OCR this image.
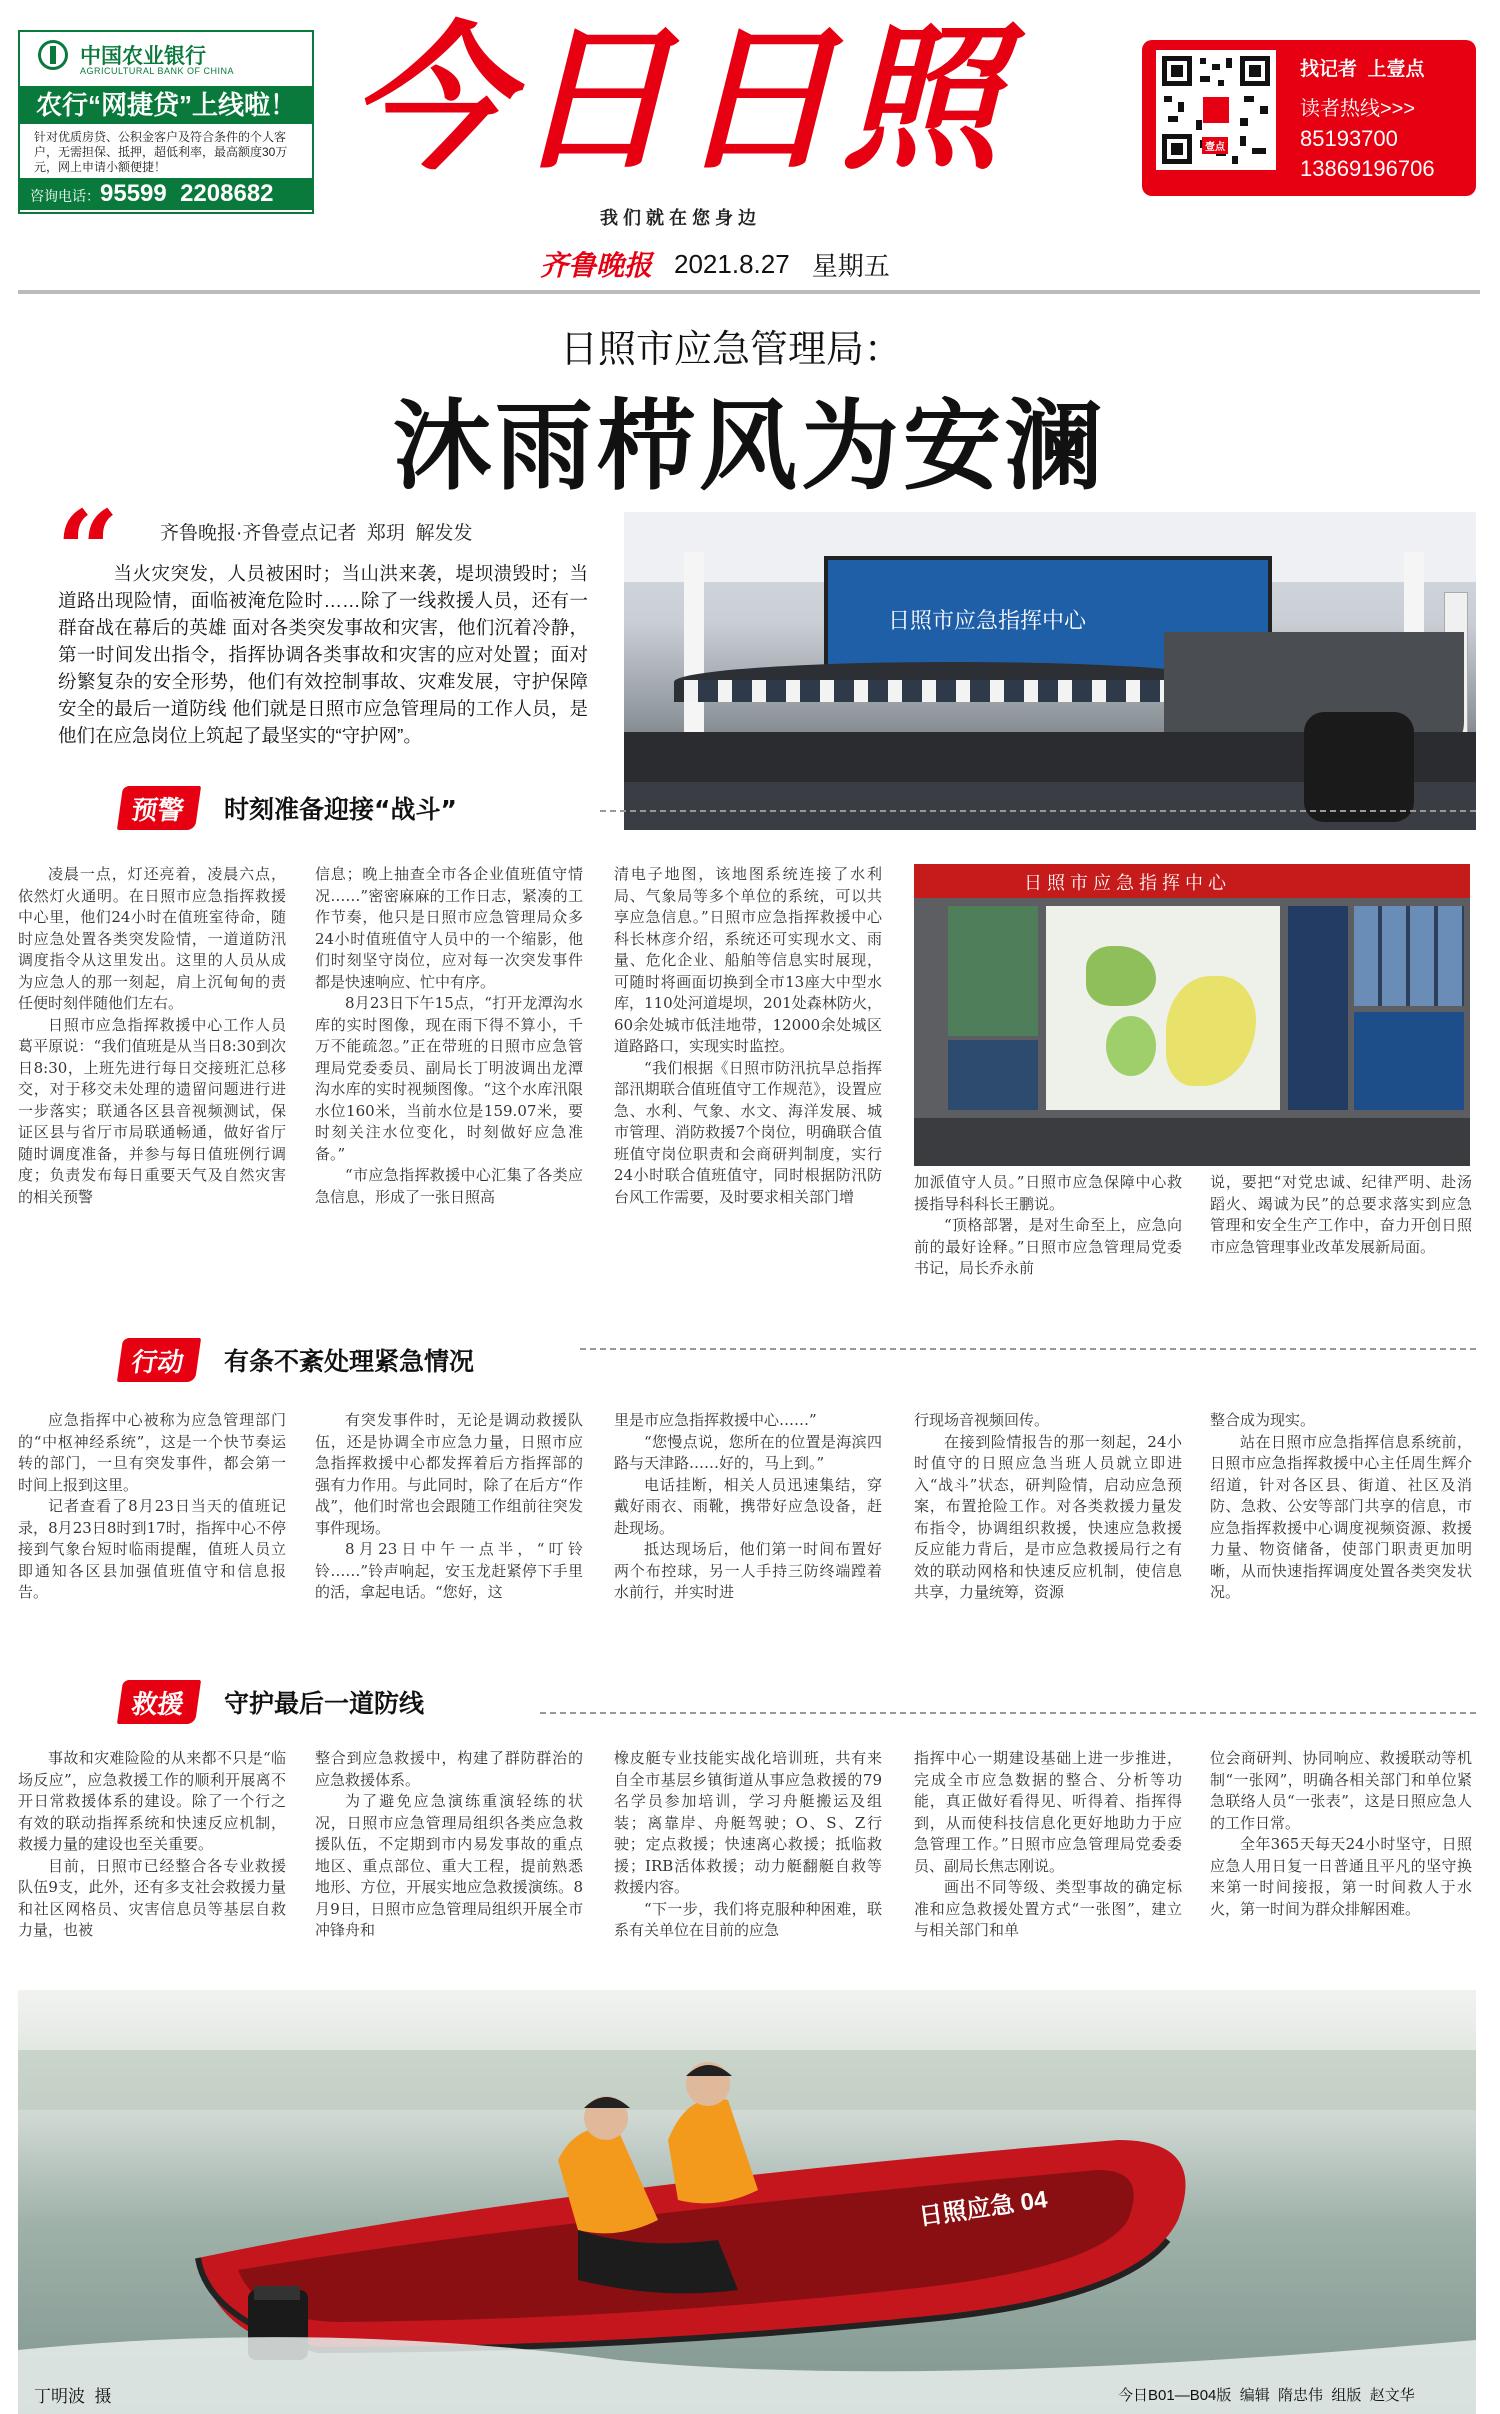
中国农业银行
AGRICULTURAL BANK OF CHINA
农行“网捷贷”上线啦！
针对优质房贷、公积金客户及符合条件的个人客户，无需担保、抵押，超低利率，最高额度30万元，网上申请小额便捷！
咨询电话：95599  2208682
今日日照	壹点
找记者  上壹点
读者热线>>>
85193700
13869196706
我 们 就 在 您 身 边
齐鲁晚报 2021.8.27 星期五
日照市应急管理局：
沐雨栉风为安澜
“ 齐鲁晚报·齐鲁壹点记者  郑玥  解发发
当火灾突发，人员被困时；当山洪来袭，堤坝溃毁时；当道路出现险情，面临被淹危险时……除了一线救援人员，还有一群奋战在幕后的英雄 面对各类突发事故和灾害，他们沉着冷静，第一时间发出指令，指挥协调各类事故和灾害的应对处置；面对纷繁复杂的安全形势，他们有效控制事故、灾难发展，守护保障安全的最后一道防线 他们就是日照市应急管理局的工作人员，是他们在应急岗位上筑起了最坚实的“守护网”。
日照市应急指挥中心
预警	时刻准备迎接“战斗”

凌晨一点，灯还亮着，凌晨六点，依然灯火通明。在日照市应急指挥救援中心里，他们24小时在值班室待命，随时应急处置各类突发险情，一道道防汛调度指令从这里发出。这里的人员从成为应急人的那一刻起，肩上沉甸甸的责任便时刻伴随他们左右。

日照市应急指挥救援中心工作人员葛平原说：“我们值班是从当日8:30到次日8:30，上班先进行每日交接班汇总移交，对于移交未处理的遗留问题进行进一步落实；联通各区县音视频测试，保证区县与省厅市局联通畅通，做好省厅随时调度准备，并参与每日值班例行调度；负责发布每日重要天气及自然灾害的相关预警

信息；晚上抽查全市各企业值班值守情况……”密密麻麻的工作日志，紧凑的工作节奏，他只是日照市应急管理局众多24小时值班值守人员中的一个缩影，他们时刻坚守岗位，应对每一次突发事件都是快速响应、忙中有序。

8月23日下午15点，“打开龙潭沟水库的实时图像，现在雨下得不算小，千万不能疏忽。”正在带班的日照市应急管理局党委委员、副局长丁明波调出龙潭沟水库的实时视频图像。“这个水库汛限水位160米，当前水位是159.07米，要时刻关注水位变化，时刻做好应急准备。”

“市应急指挥救援中心汇集了各类应急信息，形成了一张日照高

清电子地图，该地图系统连接了水利局、气象局等多个单位的系统，可以共享应急信息。”日照市应急指挥救援中心科长林彦介绍，系统还可实现水文、雨量、危化企业、船舶等信息实时展现，可随时将画面切换到全市13座大中型水库，110处河道堤坝，201处森林防火，60余处城市低洼地带，12000余处城区道路路口，实现实时监控。

“我们根据《日照市防汛抗旱总指挥部汛期联合值班值守工作规范》，设置应急、水利、气象、水文、海洋发展、城市管理、消防救援7个岗位，明确联合值班值守岗位职责和会商研判制度，实行24小时联合值班值守，同时根据防汛防台风工作需要，及时要求相关部门增

日 照 市 应 急 指 挥 中 心

加派值守人员。”日照市应急保障中心救援指导科科长王鹏说。

“顶格部署，是对生命至上，应急向前的最好诠释。”日照市应急管理局党委书记，局长乔永前

说，要把“对党忠诚、纪律严明、赴汤蹈火、竭诚为民”的总要求落实到应急管理和安全生产工作中，奋力开创日照市应急管理事业改革发展新局面。

行动	有条不紊处理紧急情况

应急指挥中心被称为应急管理部门的“中枢神经系统”，这是一个快节奏运转的部门，一旦有突发事件，都会第一时间上报到这里。

记者查看了8月23日当天的值班记录，8月23日8时到17时，指挥中心不停接到气象台短时临雨提醒，值班人员立即通知各区县加强值班值守和信息报告。

有突发事件时，无论是调动救援队伍，还是协调全市应急力量，日照市应急指挥救援中心都发挥着后方指挥部的强有力作用。与此同时，除了在后方“作战”，他们时常也会跟随工作组前往突发事件现场。

8月23日中午一点半，“叮铃铃……”铃声响起，安玉龙赶紧停下手里的活，拿起电话。“您好，这

里是市应急指挥救援中心……”

“您慢点说，您所在的位置是海滨四路与天津路……好的，马上到。”

电话挂断，相关人员迅速集结，穿戴好雨衣、雨靴，携带好应急设备，赶赴现场。

抵达现场后，他们第一时间布置好两个布控球，另一人手持三防终端蹚着水前行，并实时进

行现场音视频回传。

在接到险情报告的那一刻起，24小时值守的日照应急当班人员就立即进入“战斗”状态，研判险情，启动应急预案，布置抢险工作。对各类救援力量发布指令，协调组织救援，快速应急救援反应能力背后，是市应急救援局行之有效的联动网格和快速反应机制，使信息共享，力量统筹，资源

整合成为现实。

站在日照市应急指挥信息系统前，日照市应急指挥救援中心主任周生辉介绍道，针对各区县、街道、社区及消防、急救、公安等部门共享的信息，市应急指挥救援中心调度视频资源、救援力量、物资储备，使部门职责更加明晰，从而快速指挥调度处置各类突发状况。

救援	守护最后一道防线

事故和灾难险险的从来都不只是“临场反应”，应急救援工作的顺利开展离不开日常救援体系的建设。除了一个行之有效的联动指挥系统和快速反应机制，救援力量的建设也至关重要。

目前，日照市已经整合各专业救援队伍9支，此外，还有多支社会救援力量和社区网格员、灾害信息员等基层自救力量，也被

整合到应急救援中，构建了群防群治的应急救援体系。

为了避免应急演练重演轻练的状况，日照市应急管理局组织各类应急救援队伍，不定期到市内易发事故的重点地区、重点部位、重大工程，提前熟悉地形、方位，开展实地应急救援演练。8月9日，日照市应急管理局组织开展全市冲锋舟和

橡皮艇专业技能实战化培训班，共有来自全市基层乡镇街道从事应急救援的79名学员参加培训，学习舟艇搬运及组装；离靠岸、舟艇驾驶；O、S、Z行驶；定点救援；快速离心救援；抵临救援；IRB活体救援；动力艇翻艇自救等救援内容。

“下一步，我们将克服种种困难，联系有关单位在目前的应急

指挥中心一期建设基础上进一步推进，完成全市应急数据的整合、分析等功能，真正做好看得见、听得着、指挥得到，从而使科技信息化更好地助力于应急管理工作。”日照市应急管理局党委委员、副局长焦志刚说。

画出不同等级、类型事故的确定标准和应急救援处置方式“一张图”，建立与相关部门和单

位会商研判、协同响应、救援联动等机制“一张网”，明确各相关部门和单位紧急联络人员“一张表”，这是日照应急人的工作日常。

全年365天每天24小时坚守，日照应急人用日复一日普通且平凡的坚守换来第一时间接报，第一时间救人于水火，第一时间为群众排解困难。

日照应急 04
丁明波  摄	今日B01—B04版  编辑  隋忠伟  组版  赵文华
